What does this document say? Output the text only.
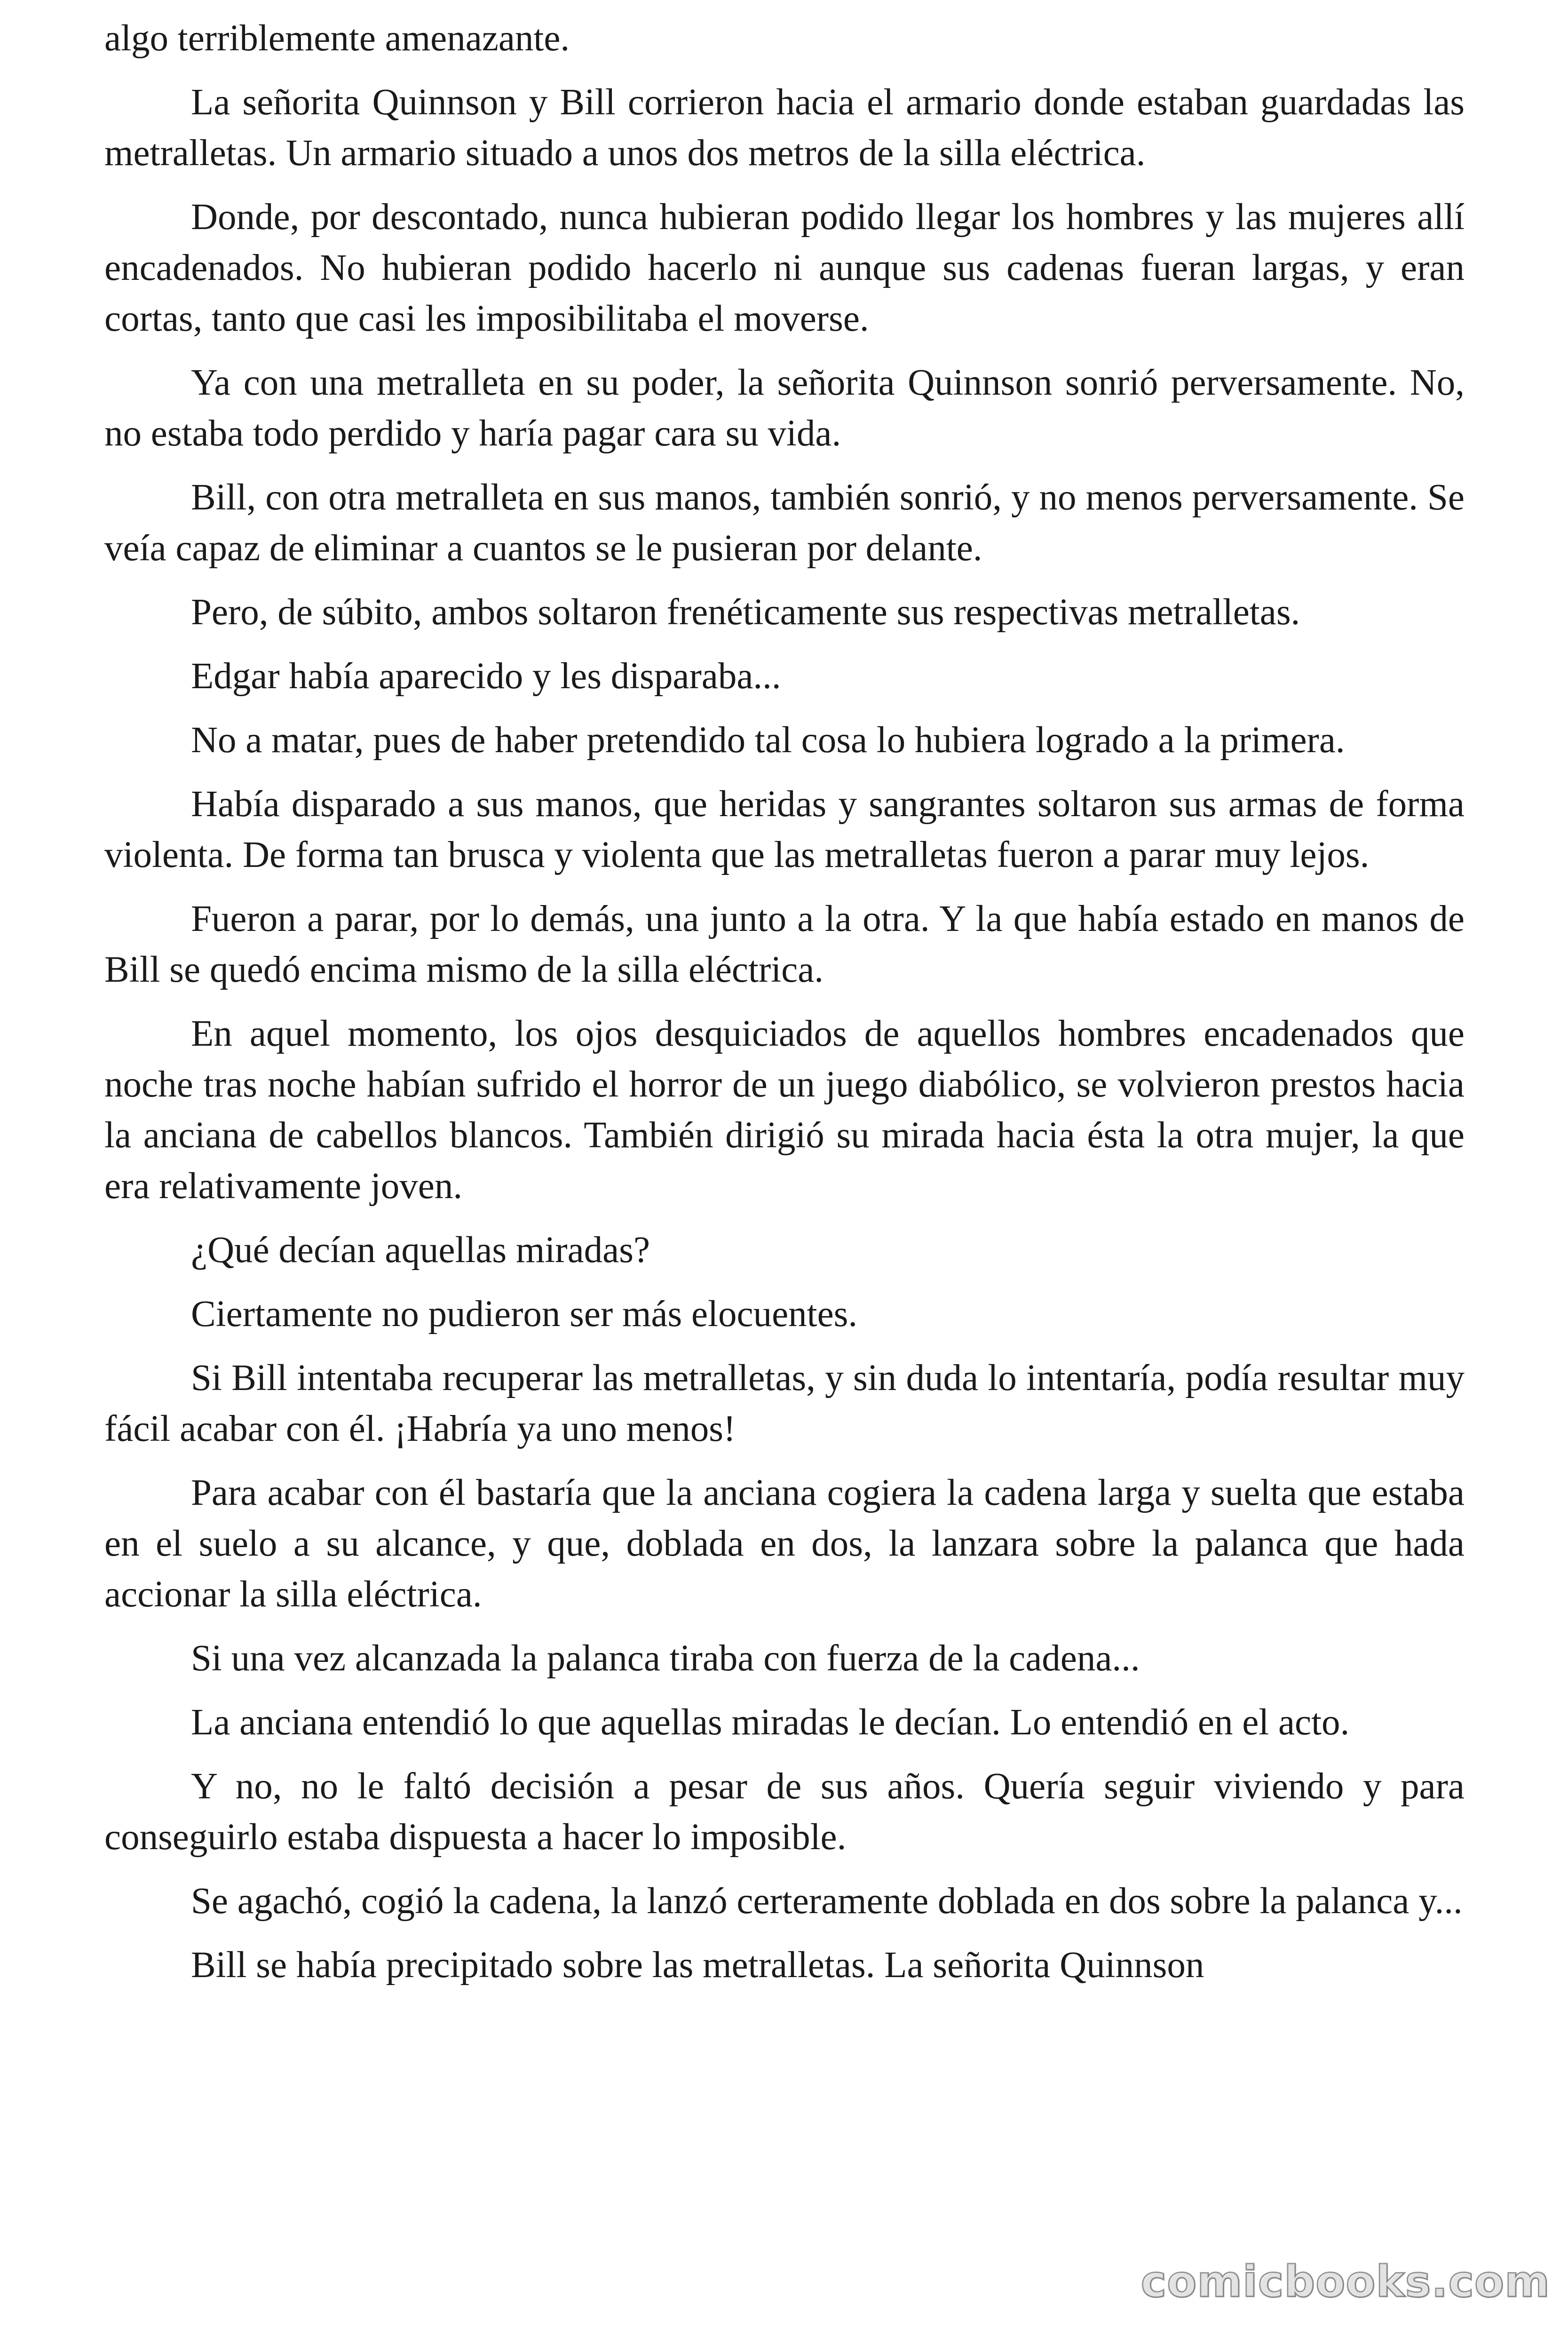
algo terriblemente amenazante.

La señorita Quinnson y Bill corrieron hacia el armario donde estaban guardadas las metralletas. Un armario situado a unos dos metros de la silla eléctrica.

Donde, por descontado, nunca hubieran podido llegar los hombres y las mujeres allí encadenados. No hubieran podido hacerlo ni aunque sus cadenas fueran largas, y eran cortas, tanto que casi les imposibilitaba el moverse.

Ya con una metralleta en su poder, la señorita Quinnson sonrió perversamente. No, no estaba todo perdido y haría pagar cara su vida.

Bill, con otra metralleta en sus manos, también sonrió, y no menos perversamente. Se veía capaz de eliminar a cuantos se le pusieran por delante.

Pero, de súbito, ambos soltaron frenéticamente sus respectivas metralletas.

Edgar había aparecido y les disparaba...

No a matar, pues de haber pretendido tal cosa lo hubiera logrado a la primera.

Había disparado a sus manos, que heridas y sangrantes soltaron sus armas de forma violenta. De forma tan brusca y violenta que las metralletas fueron a parar muy lejos.

Fueron a parar, por lo demás, una junto a la otra. Y la que había estado en manos de Bill se quedó encima mismo de la silla eléctrica.

En aquel momento, los ojos desquiciados de aquellos hombres encadenados que noche tras noche habían sufrido el horror de un juego diabólico, se volvieron prestos hacia la anciana de cabellos blancos. También dirigió su mirada hacia ésta la otra mujer, la que era relativamente joven.

¿Qué decían aquellas miradas?

Ciertamente no pudieron ser más elocuentes.

Si Bill intentaba recuperar las metralletas, y sin duda lo intentaría, podía resultar muy fácil acabar con él. ¡Habría ya uno menos!

Para acabar con él bastaría que la anciana cogiera la cadena larga y suelta que estaba en el suelo a su alcance, y que, doblada en dos, la lanzara sobre la palanca que hada accionar la silla eléctrica.

Si una vez alcanzada la palanca tiraba con fuerza de la cadena...

La anciana entendió lo que aquellas miradas le decían. Lo entendió en el acto.

Y no, no le faltó decisión a pesar de sus años. Quería seguir viviendo y para conseguirlo estaba dispuesta a hacer lo imposible.

Se agachó, cogió la cadena, la lanzó certeramente doblada en dos sobre la palanca y...

Bill se había precipitado sobre las metralletas. La señorita Quinnson

comicbooks.com
